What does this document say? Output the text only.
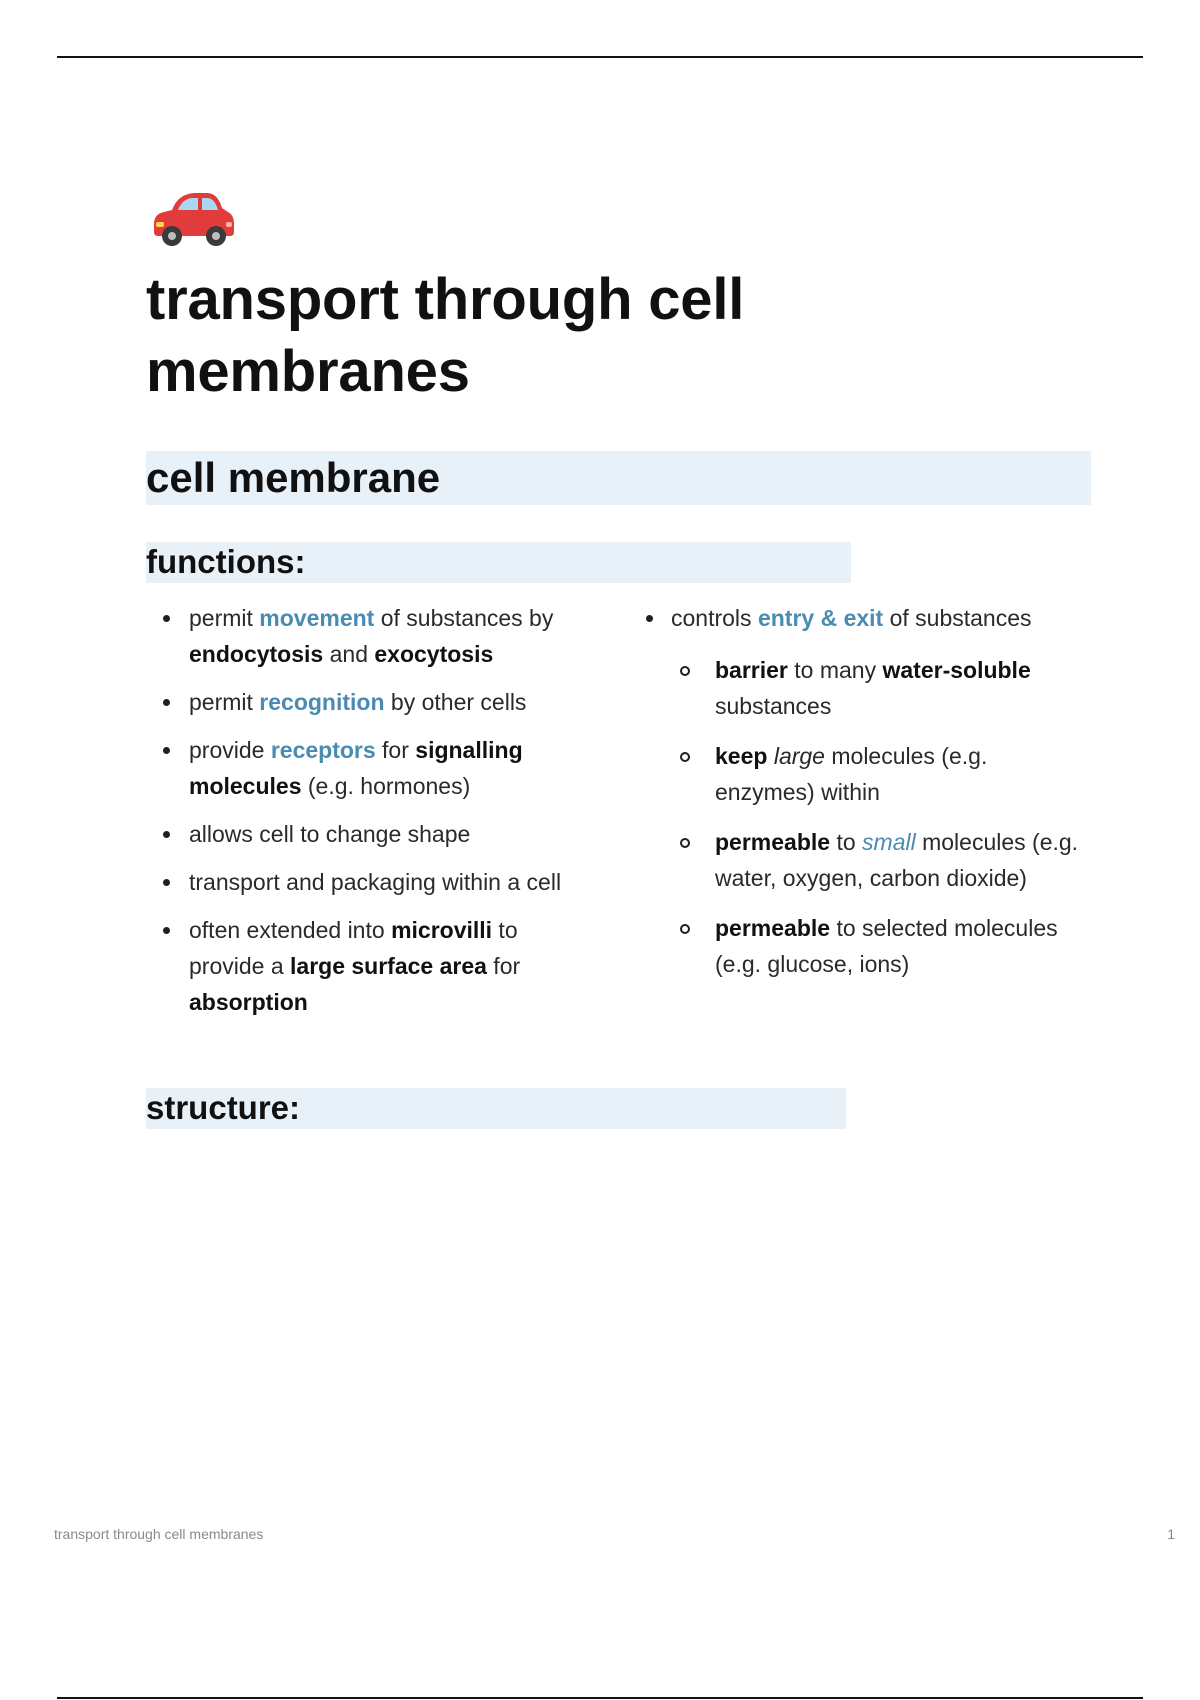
transport through cell membranes
cell membrane
functions:
permit movement of substances by endocytosis and exocytosis
permit recognition by other cells
provide receptors for signalling molecules (e.g. hormones)
allows cell to change shape
transport and packaging within a cell
often extended into microvilli to provide a large surface area for absorption
controls entry & exit of substances
barrier to many water-soluble substances
keep large molecules (e.g. enzymes) within
permeable to small molecules (e.g. water, oxygen, carbon dioxide)
permeable to selected molecules (e.g. glucose, ions)
structure:
transport through cell membranes	1
